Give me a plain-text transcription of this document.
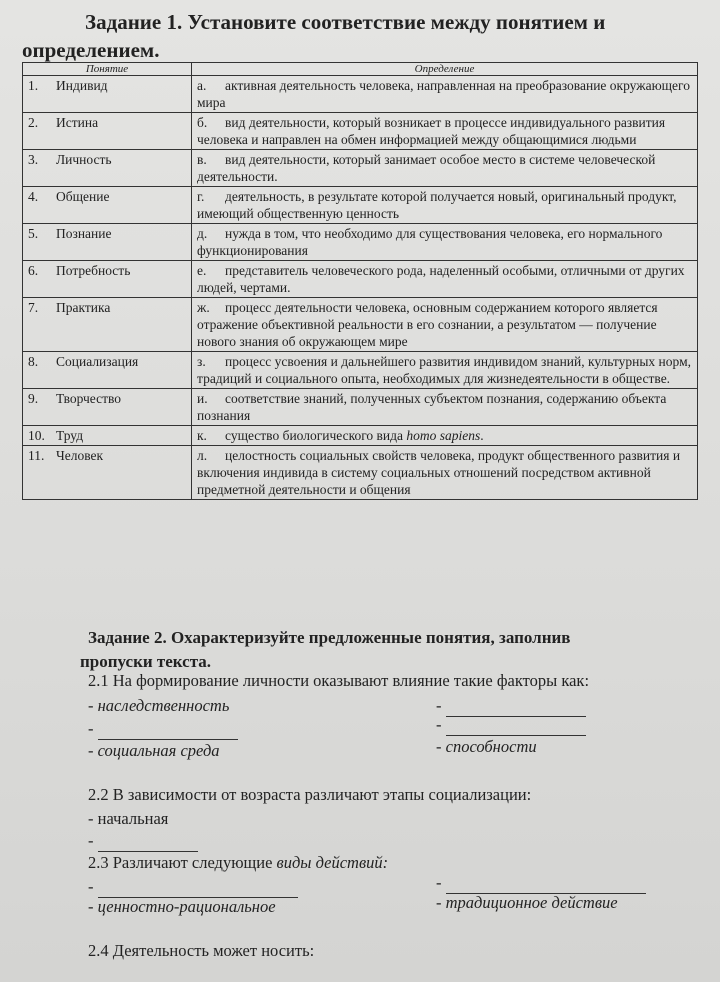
Задание 1. Установите соответствие между понятием и
определением.
Понятие	Определение
1. Индивид	а. активная деятельность человека, направленная на преобразование окружающего мира
2. Истина	б. вид деятельности, который возникает в процессе индивидуального развития человека и направлен на обмен информацией между общающимися людьми
3. Личность	в. вид деятельности, который занимает особое место в системе человеческой деятельности.
4. Общение	г. деятельность, в результате которой получается новый, оригинальный продукт, имеющий общественную ценность
5. Познание	д. нужда в том, что необходимо для существования человека, его нормального функционирования
6. Потребность	е. представитель человеческого рода, наделенный особыми, отличными от других людей, чертами.
7. Практика	ж. процесс деятельности человека, основным содержанием которого является отражение объективной реальности в его сознании, а результатом — получение нового знания об окружающем мире
8. Социализация	з. процесс усвоения и дальнейшего развития индивидом знаний, культурных норм, традиций и социального опыта, необходимых для жизнедеятельности в обществе.
9. Творчество	и. соответствие знаний, полученных субъектом познания, содержанию объекта познания
10. Труд	к. существо биологического вида homo sapiens.
11. Человек	л. целостность социальных свойств человека, продукт общественного развития и включения индивида в систему социальных отношений посредством активной предметной деятельности и общения
Задание 2. Охарактеризуйте предложенные понятия, заполнив
пропуски текста.
2.1 На формирование личности оказывают влияние такие факторы как:
- наследственность
-
- социальная среда
-
-
- способности
2.2 В зависимости от возраста различают этапы социализации:
- начальная
-
2.3 Различают следующие виды действий:
-	-
- ценностно-рациональное	- традиционное действие
2.4 Деятельность может носить:
